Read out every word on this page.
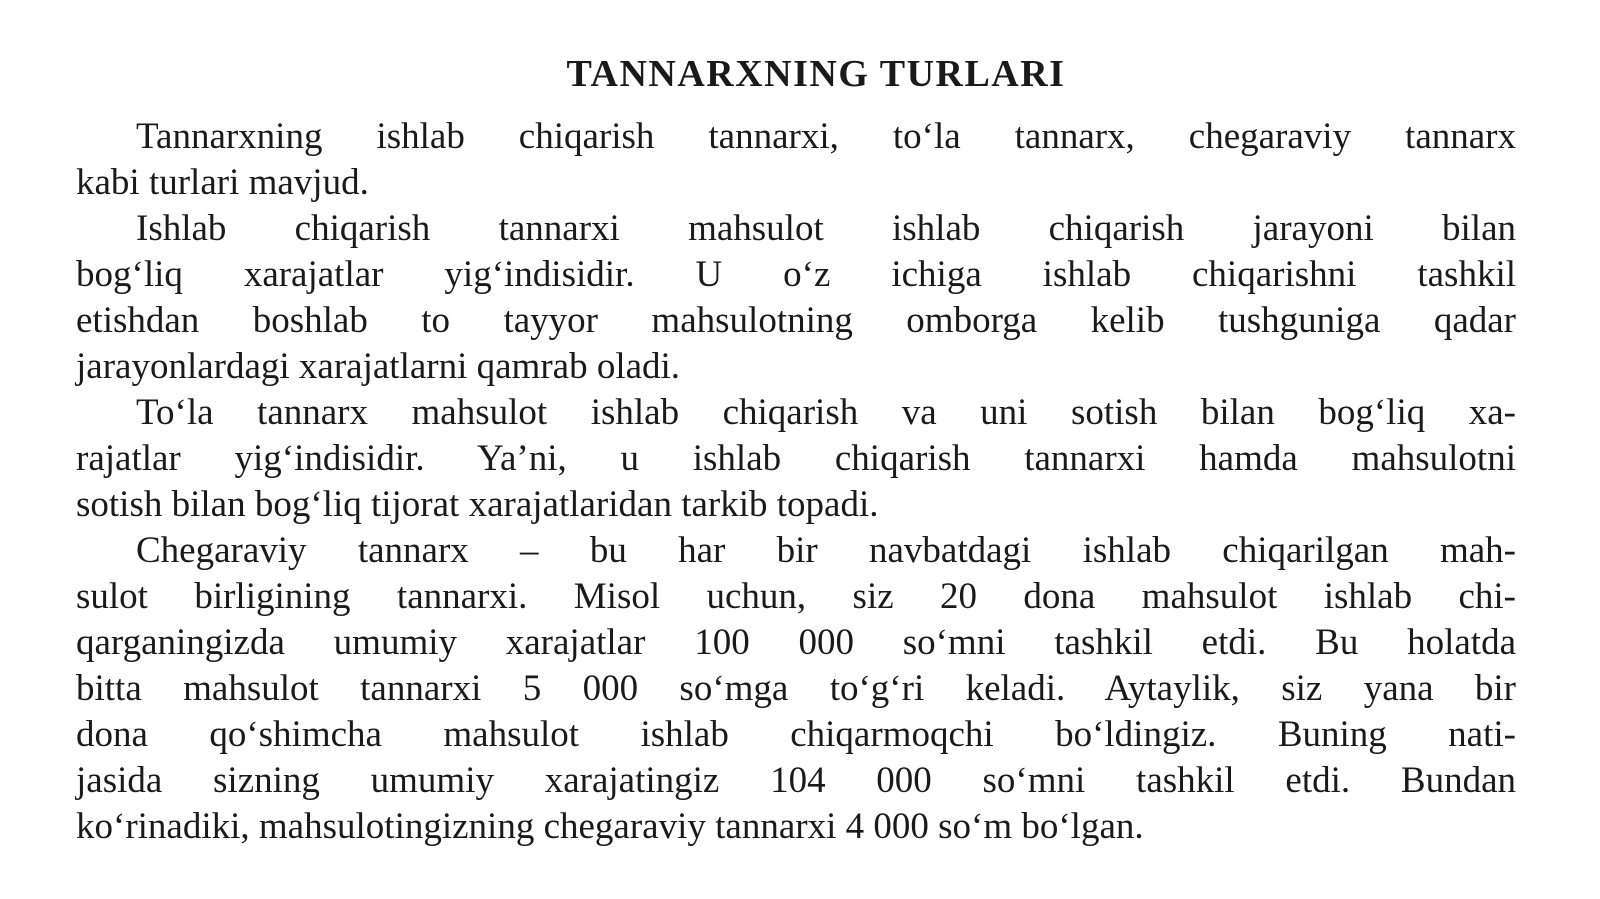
TANNARXNING TURLARI
Tannarxning ishlab chiqarish tannarxi, to‘la tannarx, chegaraviy tannarx
kabi turlari mavjud.
Ishlab chiqarish tannarxi mahsulot ishlab chiqarish jarayoni bilan
bog‘liq xarajatlar yig‘indisidir. U o‘z ichiga ishlab chiqarishni tashkil
etishdan boshlab to tayyor mahsulotning omborga kelib tushguniga qadar
jarayonlardagi xarajatlarni qamrab oladi.
To‘la tannarx mahsulot ishlab chiqarish va uni sotish bilan bog‘liq xa-
rajatlar yig‘indisidir. Ya’ni, u ishlab chiqarish tannarxi hamda mahsulotni
sotish bilan bog‘liq tijorat xarajatlaridan tarkib topadi.
Chegaraviy tannarx – bu har bir navbatdagi ishlab chiqarilgan mah-
sulot birligining tannarxi. Misol uchun, siz 20 dona mahsulot ishlab chi-
qarganingizda umumiy xarajatlar 100 000 so‘mni tashkil etdi. Bu holatda
bitta mahsulot tannarxi 5 000 so‘mga to‘g‘ri keladi. Aytaylik, siz yana bir
dona qo‘shimcha mahsulot ishlab chiqarmoqchi bo‘ldingiz. Buning nati-
jasida sizning umumiy xarajatingiz 104 000 so‘mni tashkil etdi. Bundan
ko‘rinadiki, mahsulotingizning chegaraviy tannarxi 4 000 so‘m bo‘lgan.
